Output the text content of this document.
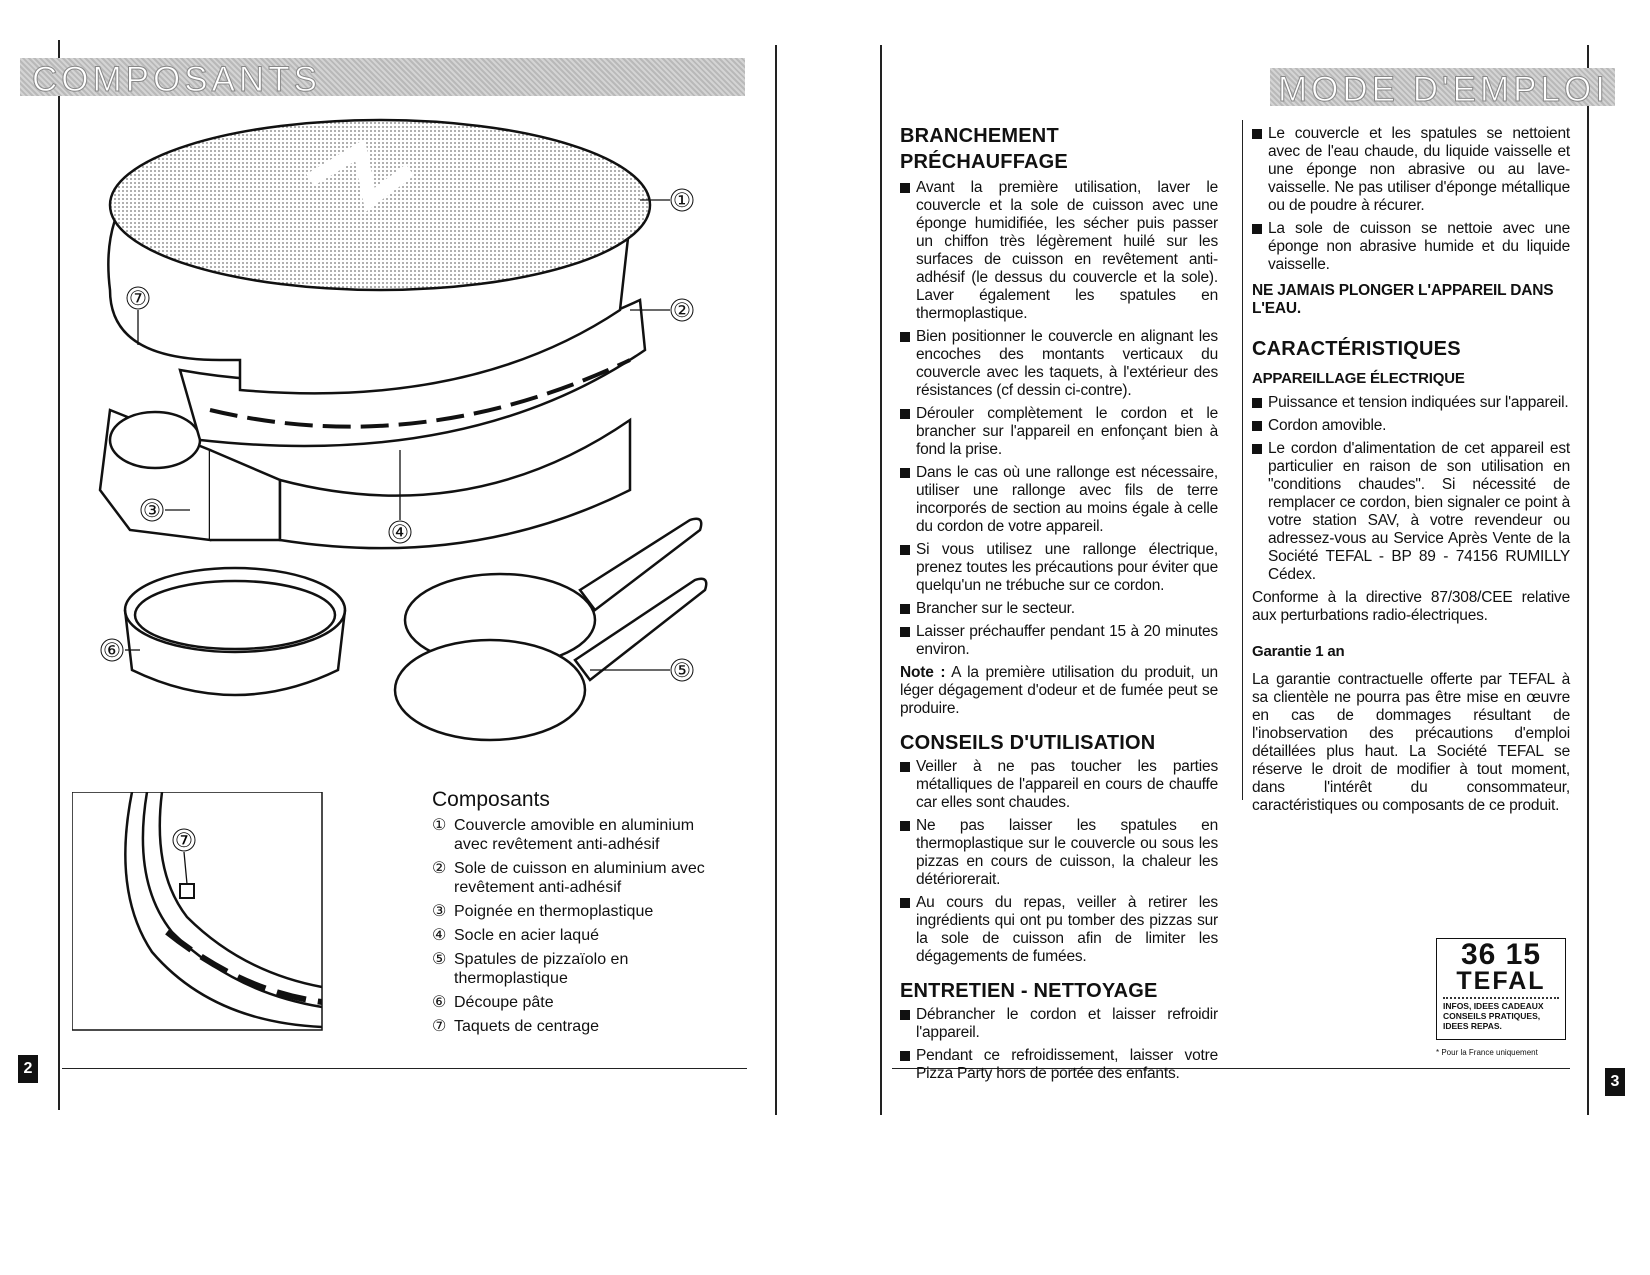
COMPOSANTS
①
②
③
④
⑤
⑥
⑦
⑦
Composants
① Couvercle amovible en aluminium avec revêtement anti-adhésif
② Sole de cuisson en aluminium avec revêtement anti-adhésif
③ Poignée en thermoplastique
④ Socle en acier laqué
⑤ Spatules de pizzaïolo en thermoplastique
⑥ Découpe pâte
⑦ Taquets de centrage
2
MODE D'EMPLOI
BRANCHEMENT
PRÉCHAUFFAGE

Avant la première utilisation, laver le couvercle et la sole de cuisson avec une éponge humidifiée, les sécher puis passer un chiffon très légèrement huilé sur les surfaces de cuisson en revêtement anti-adhésif (le dessus du couvercle et la sole). Laver également les spatules en thermoplastique.

Bien positionner le couvercle en alignant les encoches des montants verticaux du couvercle avec les taquets, à l'extérieur des résistances (cf dessin ci-contre).

Dérouler complètement le cordon et le brancher sur l'appareil en enfonçant bien à fond la prise.

Dans le cas où une rallonge est nécessaire, utiliser une rallonge avec fils de terre incorporés de section au moins égale à celle du cordon de votre appareil.

Si vous utilisez une rallonge électrique, prenez toutes les précautions pour éviter que quelqu'un ne trébuche sur ce cordon.

Brancher sur le secteur.

Laisser préchauffer pendant 15 à 20 minutes environ.

Note : A la première utilisation du produit, un léger dégagement d'odeur et de fumée peut se produire.

CONSEILS D'UTILISATION

Veiller à ne pas toucher les parties métalliques de l'appareil en cours de chauffe car elles sont chaudes.

Ne pas laisser les spatules en thermoplastique sur le couvercle ou sous les pizzas en cours de cuisson, la chaleur les détériorerait.

Au cours du repas, veiller à retirer les ingrédients qui ont pu tomber des pizzas sur la sole de cuisson afin de limiter les dégagements de fumées.

ENTRETIEN - NETTOYAGE

Débrancher le cordon et laisser refroidir l'appareil.

Pendant ce refroidissement, laisser votre Pizza Party hors de portée des enfants.

Le couvercle et les spatules se nettoient avec de l'eau chaude, du liquide vaisselle et une éponge non abrasive ou au lave-vaisselle. Ne pas utiliser d'éponge métallique ou de poudre à récurer.

La sole de cuisson se nettoie avec une éponge non abrasive humide et du liquide vaisselle.

NE JAMAIS PLONGER L'APPAREIL DANS L'EAU.

CARACTÉRISTIQUES
APPAREILLAGE ÉLECTRIQUE

Puissance et tension indiquées sur l'appareil.

Cordon amovible.

Le cordon d'alimentation de cet appareil est particulier en raison de son utilisation en "conditions chaudes". Si nécessité de remplacer ce cordon, bien signaler ce point à votre station SAV, à votre revendeur ou adressez-vous au Service Après Vente de la Société TEFAL - BP 89 - 74156 RUMILLY Cédex.

Conforme à la directive 87/308/CEE relative aux perturbations radio-électriques.

Garantie 1 an

La garantie contractuelle offerte par TEFAL à sa clientèle ne pourra pas être mise en œuvre en cas de dommages résultant de l'inobservation des précautions d'emploi détaillées plus haut. La Société TEFAL se réserve le droit de modifier à tout moment, dans l'intérêt du consommateur, caractéristiques ou composants de ce produit.

36 15
TEFAL
INFOS, IDEES CADEAUX
CONSEILS PRATIQUES,
IDEES REPAS.
* Pour la France uniquement
3
